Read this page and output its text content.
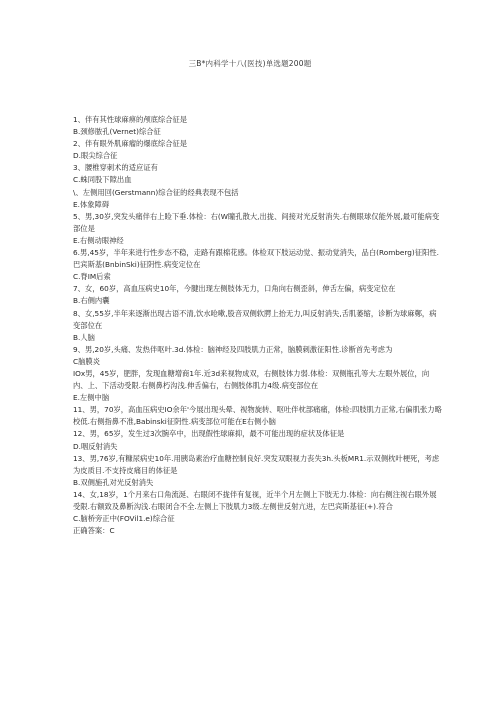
三B*内科学十八(医技)单选题200题
1、伴有其性球麻痹的颅底综合征是
B.颈修脓孔(Vernet)综合征
2、伴有眼外肌麻瘤的爆底综合征是
D.眼尖综合征
3、腰椎穿刺术的适应证有
C.蛛同股下隙出血
\、左侧用回(Gerstmann)综合征的经典表现不包括
E.体象障碍
5、男,30岁,突发头痛伴右上睑下垂.体检：右(W瞳孔散大,出拢、间接对光反射消失.右侧眼球仅能外展,最可能病变部位是
E.右侧动眼神经
6.男,45岁，半年来进行性步态不稳，走路有跟棉花感。体检双下肢运动觉、振动觉消失，品白(Romberg)征阳性.巴宾斯基(BnbinSki)征阴性.病变定位在
C.脊IM后索
7、女，60岁，高血压病史10年，今腱出现左侧肢体无力，口角向右侧歪斜，伸舌左偏，病变定位在
B.右侧内囊
8、女,55岁,半年来逐渐出现古语不清,饮水呛嗽,股音双侧软腭上抬无力,叫反射消失,舌肌萎缩，诊断为球麻鄭，病变部位在
B.人脑
9、男,20岁,头痛、发热伴呕叶.3d.体检：脑神经及四肢肌力正常，脑膜刺激征阳性.诊断首先考虑为
C脑膜炎
IOx男，45岁，肥胖，发现血糖增商1年.近3d来视物成双，右侧肢体力弱.体检：双侧瓶孔等大.左眼外展位，向内、上、下活动受限.右侧鼻朽沟浅.伸舌偏右，右侧肢体肌力4级.病变部位在
E.左侧中脑
11、男，70岁，高血压病史IO余年'今展出现头晕、视物旋转、呕吐伴枕部痛痛，体检:四肢肌力正常,右偏肌张力略校低.右侧指鼻不准,Babinski征阴性.病变部位可能在E右侧小脑
12、男，65岁，发生过3次腕卒中，出现假性球麻抑，最不可能出现的症状及体征是
D.咽反射消失
13、男,76岁,有糠尿病史10年.用胰岛素治疗血糖控制良好.突发双眼视力丧失3h.头板MR1.示双侧枕叶梗死，考虑为皮质目.不支持皮痛目的体征是
B.双侧施孔对光反射消失
14、女,18岁，1个月来右口角流涎、右眼闭不拢伴有复视，近半个月左侧上下肢无力.体检：向右侧注视右眼外展受限.右额致及鼻断沟浅.右眼闭合不全.左侧上下肢肌力3级.左侧世反射亢进，左巴宾斯基征(+).符合
C.脑桥旁正中(FOVil1.e)综合征
正确答案：C
